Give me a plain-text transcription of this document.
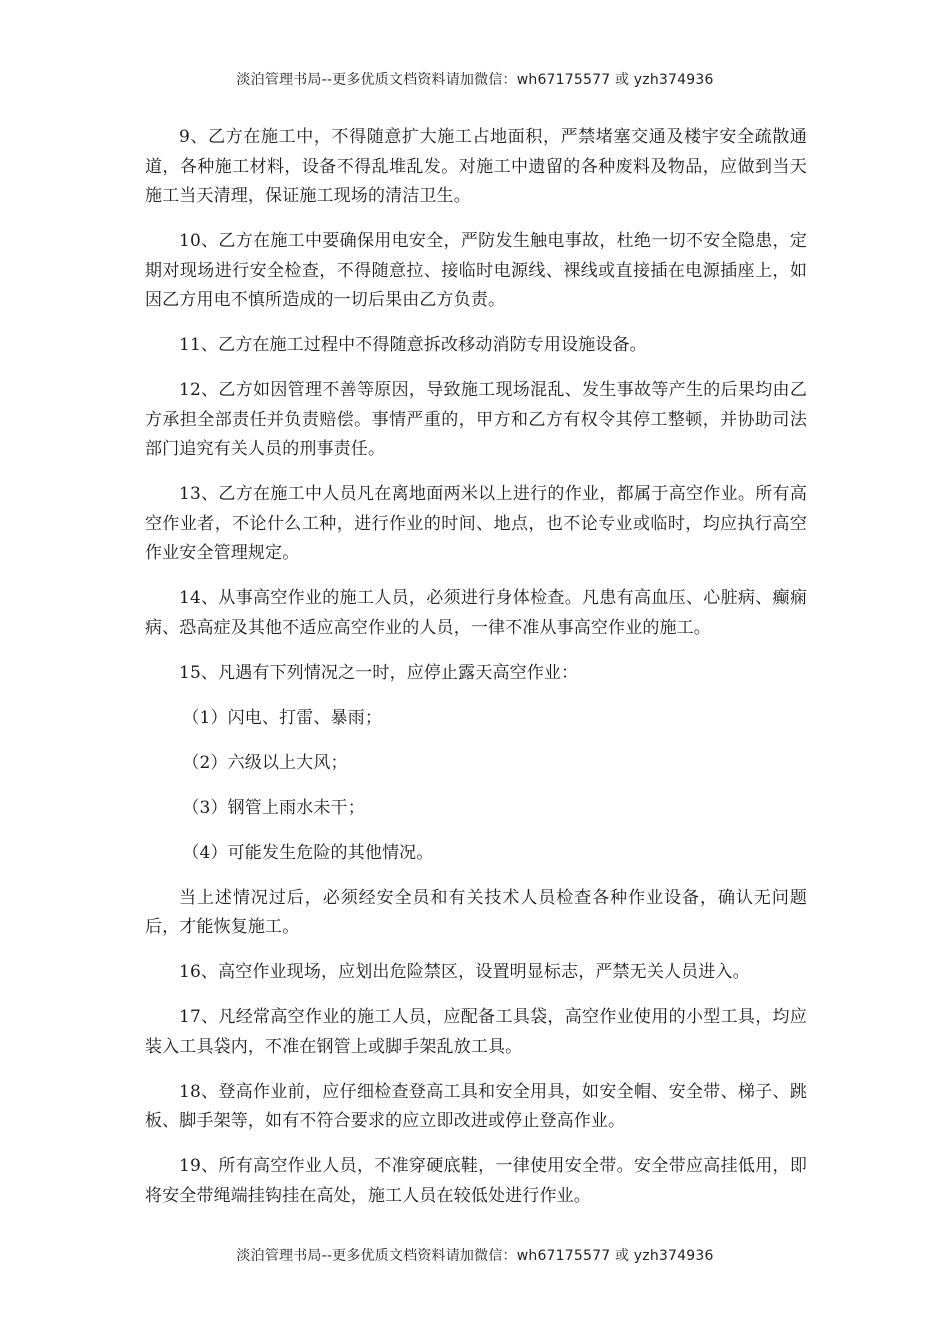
淡泊管理书局--更多优质文档资料请加微信：wh67175577 或 yzh374936

9、乙方在施工中，不得随意扩大施工占地面积，严禁堵塞交通及楼宇安全疏散通道，各种施工材料，设备不得乱堆乱发。对施工中遗留的各种废料及物品，应做到当天施工当天清理，保证施工现场的清洁卫生。

10、乙方在施工中要确保用电安全，严防发生触电事故，杜绝一切不安全隐患，定期对现场进行安全检查，不得随意拉、接临时电源线、裸线或直接插在电源插座上，如因乙方用电不慎所造成的一切后果由乙方负责。

11、乙方在施工过程中不得随意拆改移动消防专用设施设备。

12、乙方如因管理不善等原因，导致施工现场混乱、发生事故等产生的后果均由乙方承担全部责任并负责赔偿。事情严重的，甲方和乙方有权令其停工整顿，并协助司法部门追究有关人员的刑事责任。

13、乙方在施工中人员凡在离地面两米以上进行的作业，都属于高空作业。所有高空作业者，不论什么工种，进行作业的时间、地点，也不论专业或临时，均应执行高空作业安全管理规定。

14、从事高空作业的施工人员，必须进行身体检查。凡患有高血压、心脏病、癫痫病、恐高症及其他不适应高空作业的人员，一律不准从事高空作业的施工。

15、凡遇有下列情况之一时，应停止露天高空作业：

（1）闪电、打雷、暴雨；

（2）六级以上大风；

（3）钢管上雨水未干；

（4）可能发生危险的其他情况。

当上述情况过后，必须经安全员和有关技术人员检查各种作业设备，确认无问题后，才能恢复施工。

16、高空作业现场，应划出危险禁区，设置明显标志，严禁无关人员进入。

17、凡经常高空作业的施工人员，应配备工具袋，高空作业使用的小型工具，均应装入工具袋内，不准在钢管上或脚手架乱放工具。

18、登高作业前，应仔细检查登高工具和安全用具，如安全帽、安全带、梯子、跳板、脚手架等，如有不符合要求的应立即改进或停止登高作业。

19、所有高空作业人员，不准穿硬底鞋，一律使用安全带。安全带应高挂低用，即将安全带绳端挂钩挂在高处，施工人员在较低处进行作业。

淡泊管理书局--更多优质文档资料请加微信：wh67175577 或 yzh374936
